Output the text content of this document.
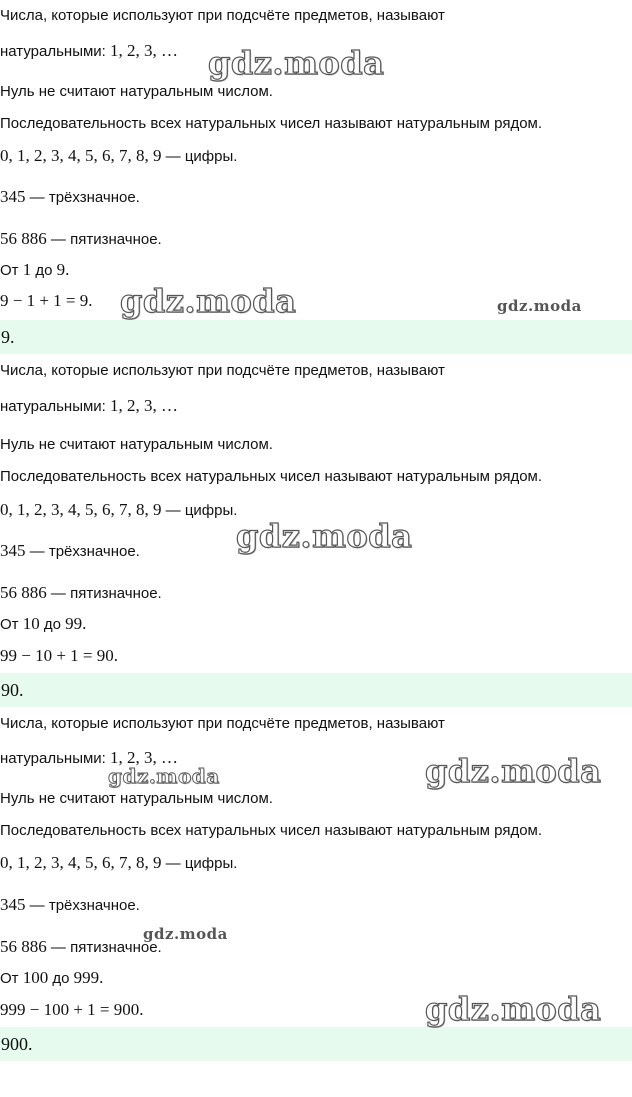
Числа, которые используют при подсчёте предметов, называют
натуральными: 1, 2, 3, …
Нуль не считают натуральным числом.
Последовательность всех натуральных чисел называют натуральным рядом.
0, 1, 2, 3, 4, 5, 6, 7, 8, 9 — цифры.
345 — трёхзначное.
56 886 — пятизначное.
От 1 до 9.
9 − 1 + 1 = 9.
9.
Числа, которые используют при подсчёте предметов, называют
натуральными: 1, 2, 3, …
Нуль не считают натуральным числом.
Последовательность всех натуральных чисел называют натуральным рядом.
0, 1, 2, 3, 4, 5, 6, 7, 8, 9 — цифры.
345 — трёхзначное.
56 886 — пятизначное.
От 10 до 99.
99 − 10 + 1 = 90.
90.
Числа, которые используют при подсчёте предметов, называют
натуральными: 1, 2, 3, …
Нуль не считают натуральным числом.
Последовательность всех натуральных чисел называют натуральным рядом.
0, 1, 2, 3, 4, 5, 6, 7, 8, 9 — цифры.
345 — трёхзначное.
56 886 — пятизначное.
От 100 до 999.
999 − 100 + 1 = 900.
900.
gdz.moda
gdz.moda	gdz.moda
gdz.moda
gdz.moda	gdz.moda
gdz.moda
gdz.moda
